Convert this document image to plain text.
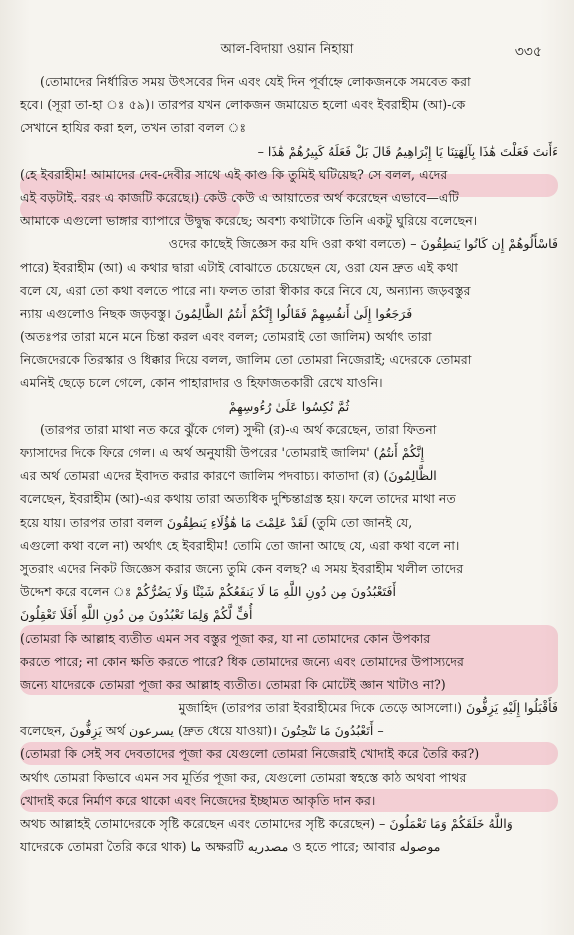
আল-বিদায়া ওয়ান নিহায়া	৩৩৫
(তোমাদের নির্ধারিত সময় উৎসবের দিন এবং যেই দিন পূর্বাহ্নে লোকজনকে সমবেত করা
হবে। (সূরা তা-হা ঃ ৫৯)। তারপর যখন লোকজন জমায়েত হলো এবং ইবরাহীম (আ)-কে
সেখানে হাযির করা হল, তখন তারা বলল ঃ
ءَأَنتَ فَعَلْتَ هَٰذَا بِآلِهَتِنَا يَا إِبْرَاهِيمُ قَالَ بَلْ فَعَلَهُ كَبِيرُهُمْ هَٰذَا –
(হে ইবরাহীম! আমাদের দেব-দেবীর সাথে এই কাণ্ড কি তুমিই ঘটিয়েছ? সে বলল, এদের
এই বড়টাই. বরং এ কাজটি করেছে।) কেউ কেউ এ আয়াতের অর্থ করেছেন এভাবে—এটি
আমাকে এগুলো ভাঙ্গার ব্যাপারে উদ্বুদ্ধ করেছে; অবশ্য কথাটাকে তিনি একটু ঘুরিয়ে বলেছেন।
فَاسْأَلُوهُمْ إِن كَانُوا يَنطِقُونَ – (ওদের কাছেই জিজ্ঞেস কর যদি ওরা কথা বলতে
পারে) ইবরাহীম (আ) এ কথার দ্বারা এটাই বোঝাতে চেয়েছেন যে, ওরা যেন দ্রুত এই কথা
বলে যে, এরা তো কথা বলতে পারে না। ফলত তারা স্বীকার করে নিবে যে, অন্যান্য জড়বস্তুর
ন্যায় এগুলোও নিছক জড়বস্তু। فَرَجَعُوا إِلَىٰ أَنفُسِهِمْ فَقَالُوا إِنَّكُمْ أَنتُمُ الظَّالِمُونَ
(অতঃপর তারা মনে মনে চিন্তা করল এবং বলল; তোমরাই তো জালিম) অর্থাৎ তারা
নিজেদেরকে তিরস্কার ও ধিক্কার দিয়ে বলল, জালিম তো তোমরা নিজেরাই; এদেরকে তোমরা
এমনিই ছেড়ে চলে গেলে, কোন পাহারাদার ও হিফাজতকারী রেখে যাওনি।
ثُمَّ نُكِسُوا عَلَىٰ رُءُوسِهِمْ
(তারপর তারা মাথা নত করে ঝুঁকে গেল) সুদ্দী (র)-এ অর্থ করেছেন, তারা ফিতনা
ফ্যাসাদের দিকে ফিরে গেল। এ অর্থ অনুযায়ী উপরের 'তোমরাই জালিম' (إِنَّكُمْ أَنتُمُ
الظَّالِمُونَ) এর অর্থ তোমরা এদের ইবাদত করার কারণে জালিম পদবাচ্য। কাতাদা (র)
বলেছেন, ইবরাহীম (আ)-এর কথায় তারা অত্যধিক দুশ্চিন্তাগ্রস্ত হয়। ফলে তাদের মাথা নত
হয়ে যায়। তারপর তারা বলল لَقَدْ عَلِمْتَ مَا هَٰؤُلَاءِ يَنطِقُونَ (তুমি তো জানই যে,
এগুলো কথা বলে না) অর্থাৎ হে ইবরাহীম! তোমি তো জানা আছে যে, এরা কথা বলে না।
সুতরাং এদের নিকট জিজ্ঞেস করার জন্যে তুমি কেন বলছ? এ সময় ইবরাহীম খলীল তাদের
উদ্দেশ করে বলেন ঃ أَفَتَعْبُدُونَ مِن دُونِ اللَّهِ مَا لَا يَنفَعُكُمْ شَيْئًا وَلَا يَضُرُّكُمْ
أُفٍّ لَّكُمْ وَلِمَا تَعْبُدُونَ مِن دُونِ اللَّهِ أَفَلَا تَعْقِلُونَ
(তোমরা কি আল্লাহ ব্যতীত এমন সব বস্তুর পূজা কর, যা না তোমাদের কোন উপকার
করতে পারে; না কোন ক্ষতি করতে পারে? ধিক তোমাদের জন্যে এবং তোমাদের উপাস্যদের
জন্যে যাদেরকে তোমরা পূজা কর আল্লাহ ব্যতীত। তোমরা কি মোটেই জ্ঞান খাটাও না?)
فَأَقْبَلُوا إِلَيْهِ يَزِفُّونَ (তারপর তারা ইবরাহীমের দিকে তেড়ে আসলো।) মুজাহিদ
বলেছেন, يَزِفُّونَ অর্থ يسرعون (দ্রুত ধেয়ে যাওয়া)। أَتَعْبُدُونَ مَا تَنْحِتُونَ –
(তোমরা কি সেই সব দেবতাদের পূজা কর যেগুলো তোমরা নিজেরাই খোদাই করে তৈরি কর?)
অর্থাৎ তোমরা কিভাবে এমন সব মূর্তির পূজা কর, যেগুলো তোমরা স্বহস্তে কাঠ অথবা পাথর
খোদাই করে নির্মাণ করে থাকো এবং নিজেদের ইচ্ছামত আকৃতি দান কর।
وَاللَّهُ خَلَقَكُمْ وَمَا تَعْمَلُونَ – (অথচ আল্লাহই তোমাদেরকে সৃষ্টি করেছেন এবং তোমাদের সৃষ্টি করেছেন
যাদেরকে তোমরা তৈরি করে থাক) ما অক্ষরটি مصدريه ও হতে পারে; আবার موصوله
